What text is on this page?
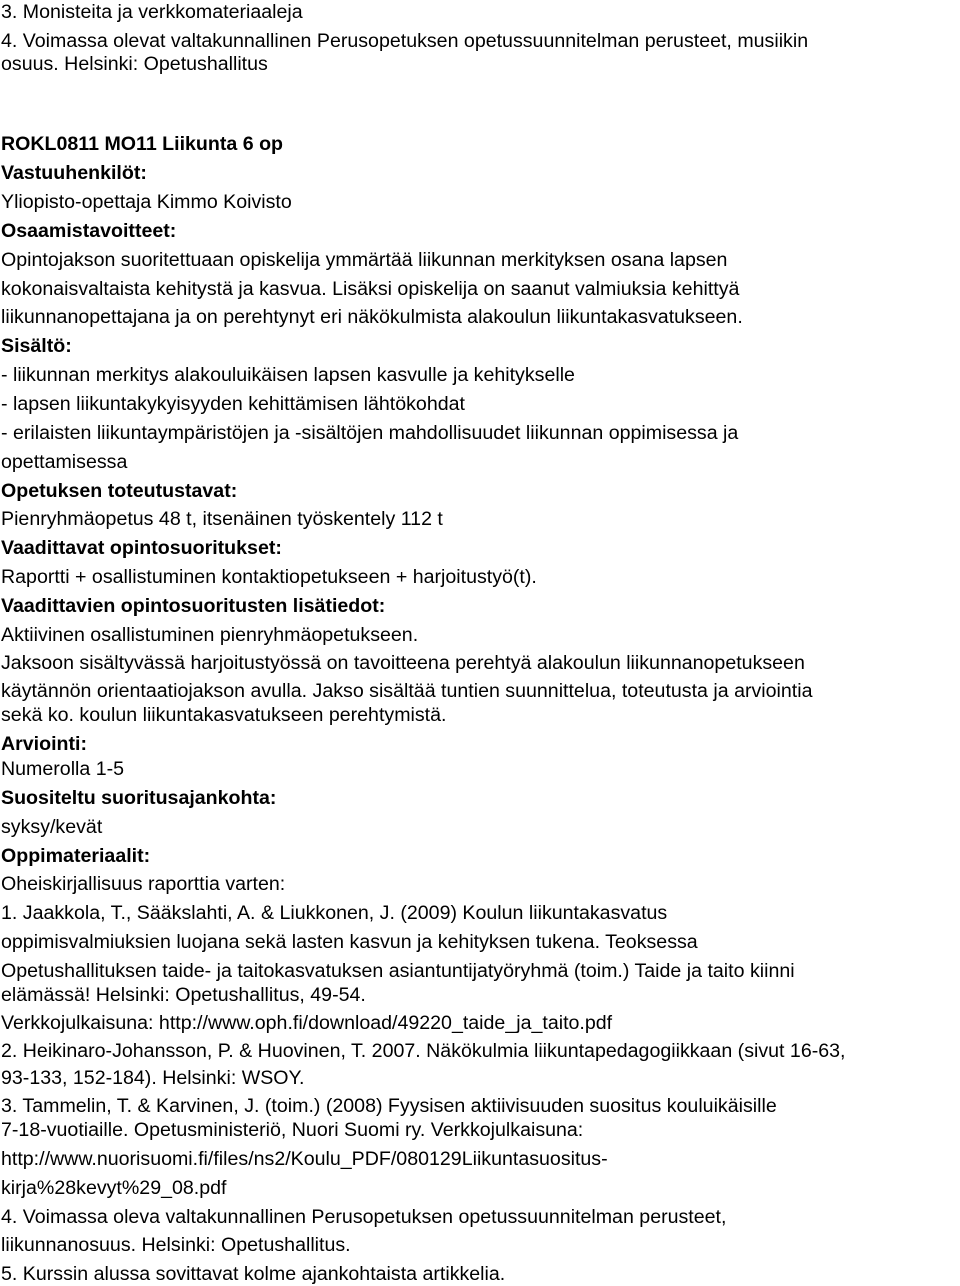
3. Monisteita ja verkkomateriaaleja

4. Voimassa olevat valtakunnallinen Perusopetuksen opetussuunnitelman perusteet, musiikin

osuus. Helsinki: Opetushallitus

ROKL0811 MO11 Liikunta 6 op

Vastuuhenkilöt:

Yliopisto-opettaja Kimmo Koivisto

Osaamistavoitteet:

Opintojakson suoritettuaan opiskelija ymmärtää liikunnan merkityksen osana lapsen

kokonaisvaltaista kehitystä ja kasvua. Lisäksi opiskelija on saanut valmiuksia kehittyä

liikunnanopettajana ja on perehtynyt eri näkökulmista alakoulun liikuntakasvatukseen.

Sisältö:

- liikunnan merkitys alakouluikäisen lapsen kasvulle ja kehitykselle

- lapsen liikuntakykyisyyden kehittämisen lähtökohdat

- erilaisten liikuntaympäristöjen ja -sisältöjen mahdollisuudet liikunnan oppimisessa ja

opettamisessa

Opetuksen toteutustavat:

Pienryhmäopetus 48 t, itsenäinen työskentely 112 t

Vaadittavat opintosuoritukset:

Raportti + osallistuminen kontaktiopetukseen + harjoitustyö(t).

Vaadittavien opintosuoritusten lisätiedot:

Aktiivinen osallistuminen pienryhmäopetukseen.

Jaksoon sisältyvässä harjoitustyössä on tavoitteena perehtyä alakoulun liikunnanopetukseen

käytännön orientaatiojakson avulla. Jakso sisältää tuntien suunnittelua, toteutusta ja arviointia

sekä ko. koulun liikuntakasvatukseen perehtymistä.

Arviointi:

Numerolla 1-5

Suositeltu suoritusajankohta:

syksy/kevät

Oppimateriaalit:

Oheiskirjallisuus raporttia varten:

1. Jaakkola, T., Sääkslahti, A. & Liukkonen, J. (2009) Koulun liikuntakasvatus

oppimisvalmiuksien luojana sekä lasten kasvun ja kehityksen tukena. Teoksessa

Opetushallituksen taide- ja taitokasvatuksen asiantuntijatyöryhmä (toim.) Taide ja taito kiinni

elämässä! Helsinki: Opetushallitus, 49-54.

Verkkojulkaisuna: http://www.oph.fi/download/49220_taide_ja_taito.pdf

2. Heikinaro-Johansson, P. & Huovinen, T. 2007. Näkökulmia liikuntapedagogiikkaan (sivut 16-63,

93-133, 152-184). Helsinki: WSOY.

3. Tammelin, T. & Karvinen, J. (toim.) (2008) Fyysisen aktiivisuuden suositus kouluikäisille

7-18-vuotiaille. Opetusministeriö, Nuori Suomi ry. Verkkojulkaisuna:

http://www.nuorisuomi.fi/files/ns2/Koulu_PDF/080129Liikuntasuositus-

kirja%28kevyt%29_08.pdf

4. Voimassa oleva valtakunnallinen Perusopetuksen opetussuunnitelman perusteet,

liikunnanosuus. Helsinki: Opetushallitus.

5. Kurssin alussa sovittavat kolme ajankohtaista artikkelia.
